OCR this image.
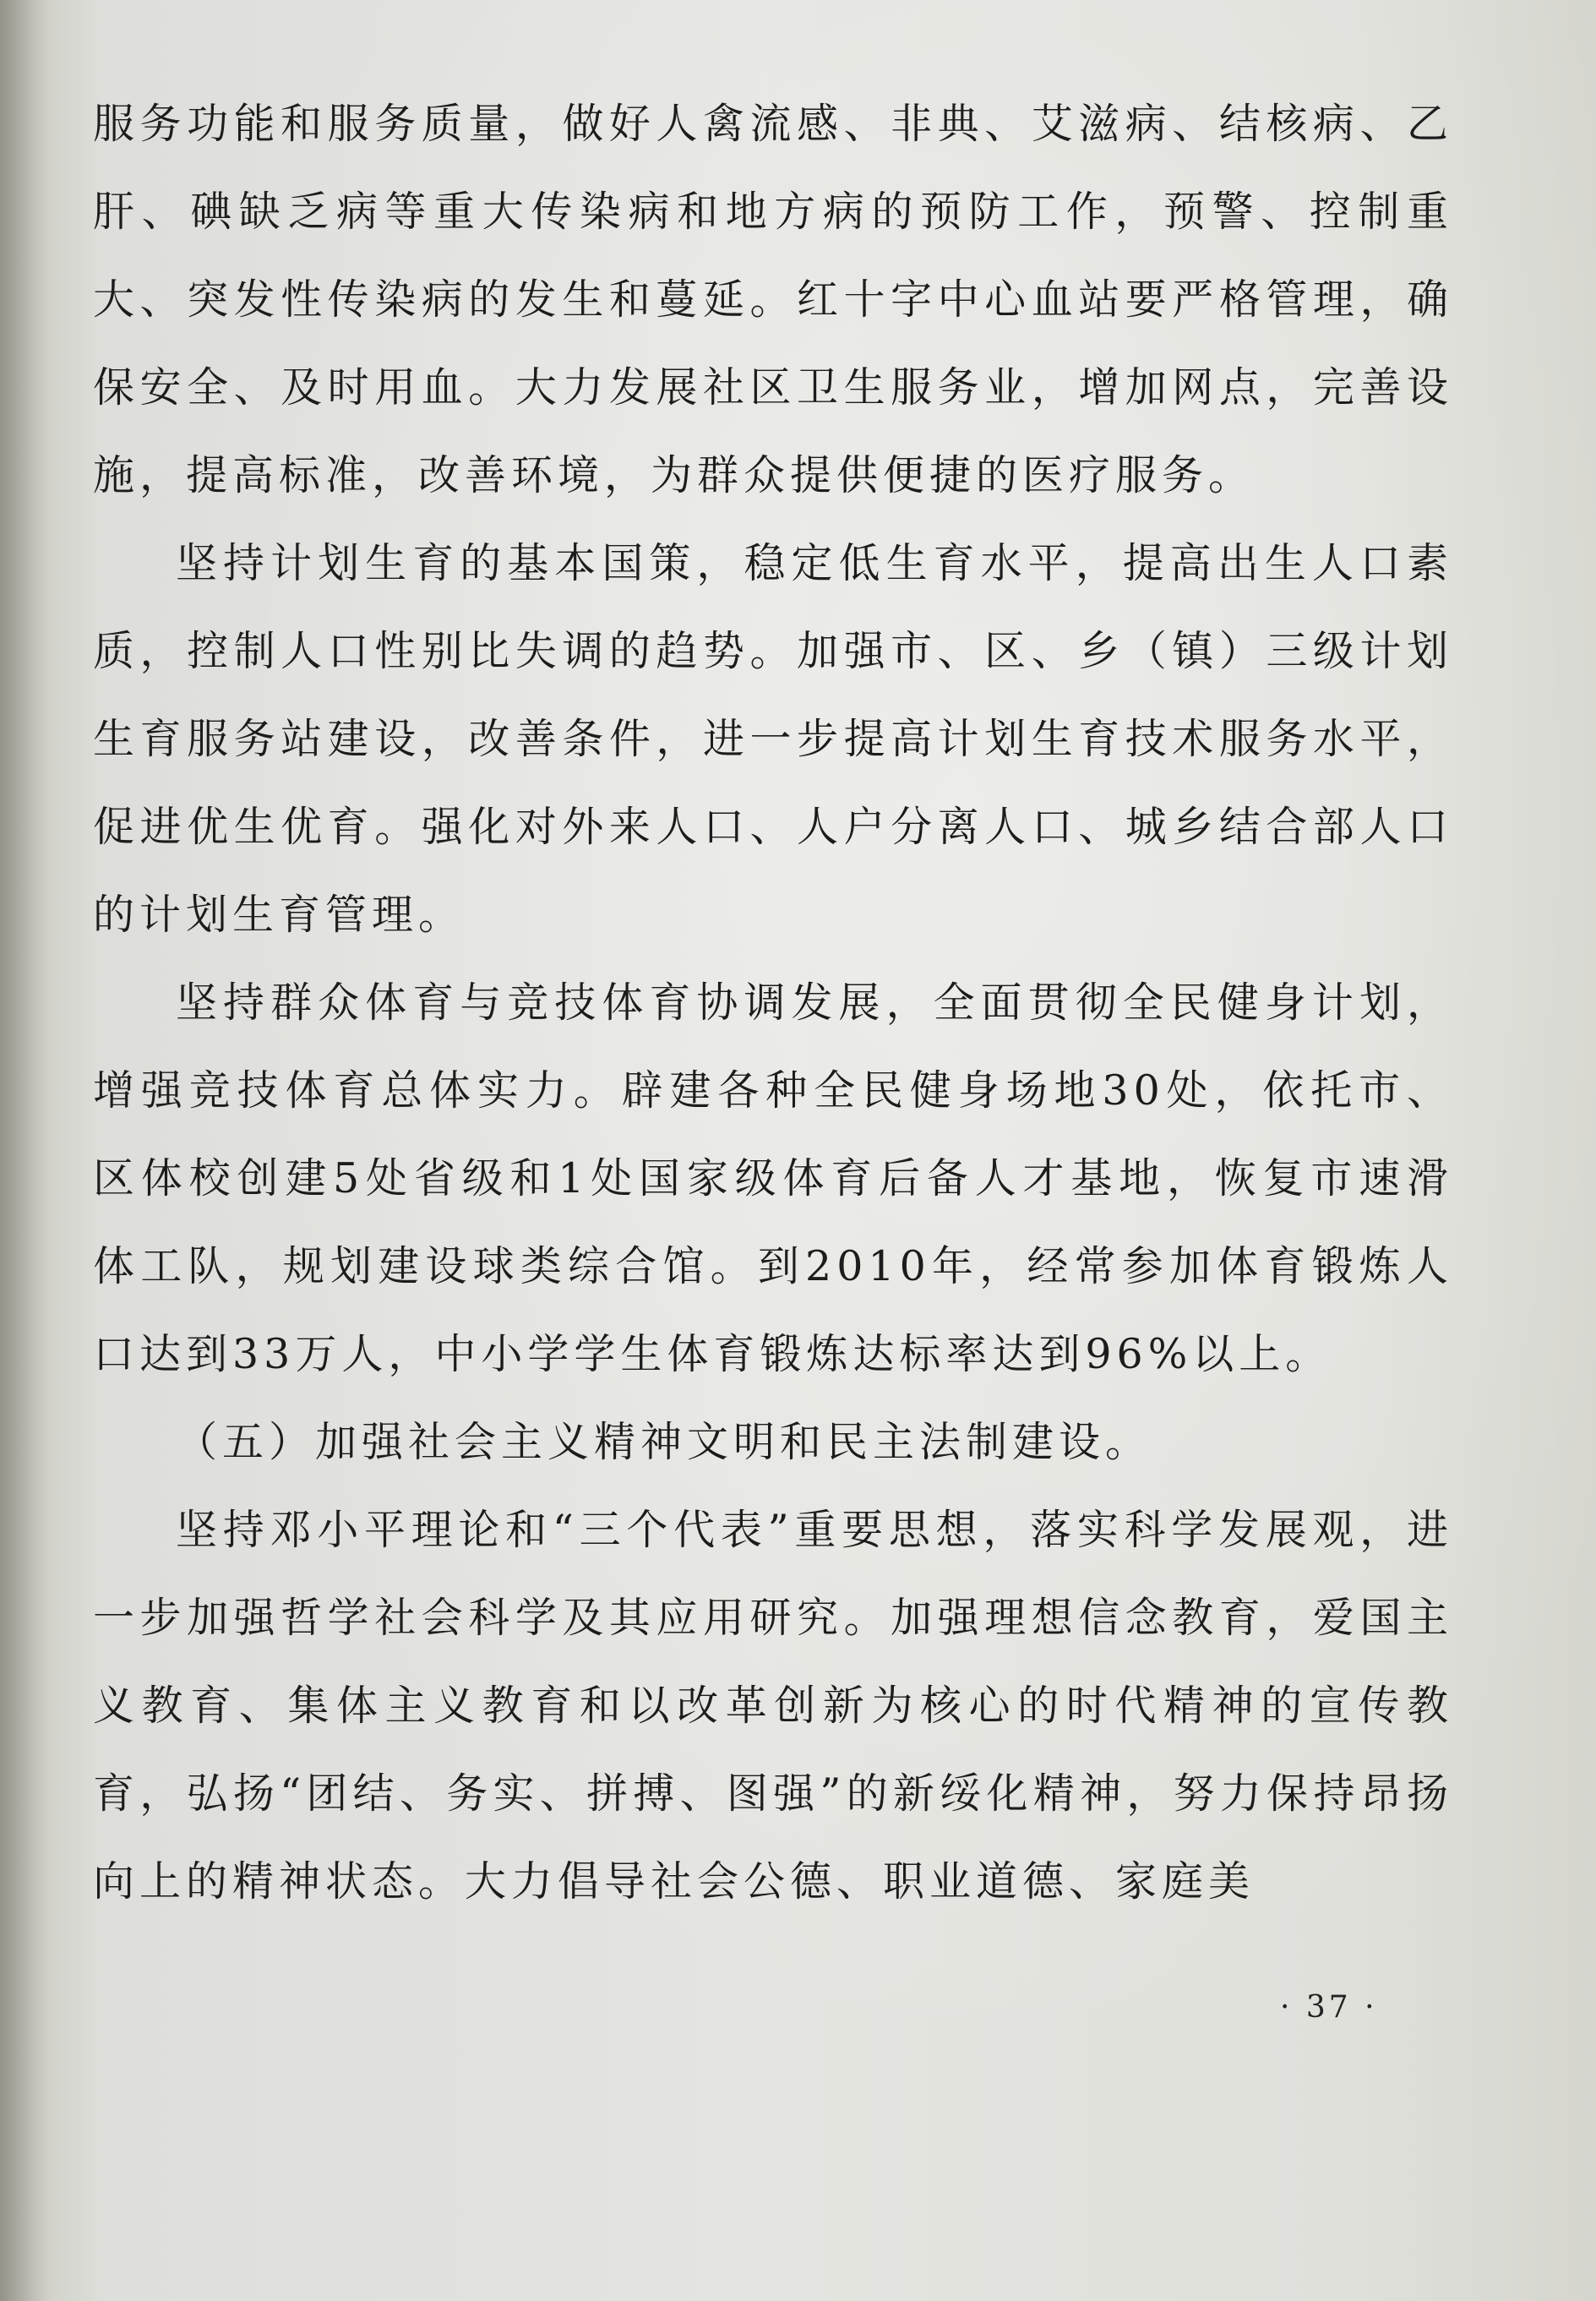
服务功能和服务质量，做好人禽流感、非典、艾滋病、结核病、乙肝、碘缺乏病等重大传染病和地方病的预防工作，预警、控制重大、突发性传染病的发生和蔓延。红十字中心血站要严格管理，确保安全、及时用血。大力发展社区卫生服务业，增加网点，完善设施，提高标准，改善环境，为群众提供便捷的医疗服务。

坚持计划生育的基本国策，稳定低生育水平，提高出生人口素质，控制人口性别比失调的趋势。加强市、区、乡（镇）三级计划生育服务站建设，改善条件，进一步提高计划生育技术服务水平，促进优生优育。强化对外来人口、人户分离人口、城乡结合部人口的计划生育管理。

坚持群众体育与竞技体育协调发展，全面贯彻全民健身计划，增强竞技体育总体实力。辟建各种全民健身场地30处，依托市、区体校创建5处省级和1处国家级体育后备人才基地，恢复市速滑体工队，规划建设球类综合馆。到2010年，经常参加体育锻炼人口达到33万人，中小学学生体育锻炼达标率达到96%以上。

（五）加强社会主义精神文明和民主法制建设。

坚持邓小平理论和“三个代表”重要思想，落实科学发展观，进一步加强哲学社会科学及其应用研究。加强理想信念教育，爱国主义教育、集体主义教育和以改革创新为核心的时代精神的宣传教育，弘扬“团结、务实、拼搏、图强”的新绥化精神，努力保持昂扬向上的精神状态。大力倡导社会公德、职业道德、家庭美

· 37 ·
